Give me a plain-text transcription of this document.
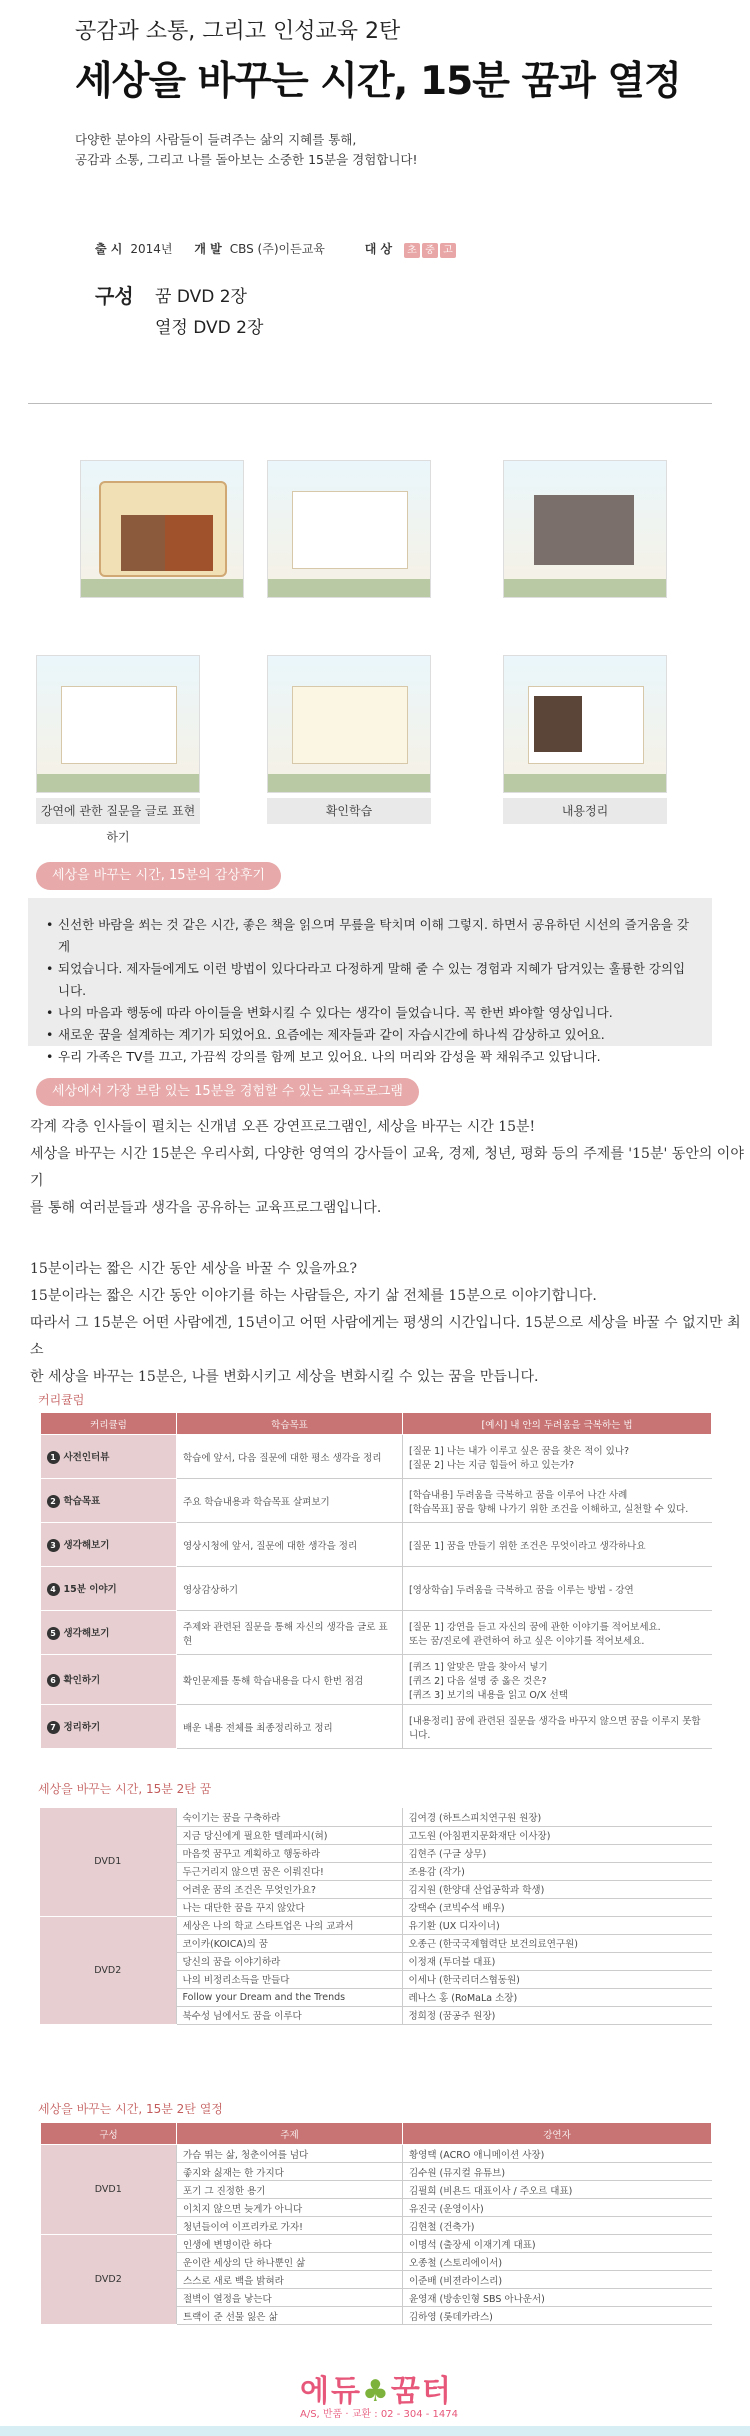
공감과 소통, 그리고 인성교육 2탄
세상을 바꾸는 시간, 15분 꿈과 열정
다양한 분야의 사람들이 들려주는 삶의 지혜를 통해,
공감과 소통, 그리고 나를 돌아보는 소중한 15분을 경험합니다!
출 시 2014년 개 발 CBS (주)이든교육	대 상 초 중 고
구성 꿈 DVD 2장
열정 DVD 2장
강연에 관한 질문을 글로 표현하기
확인학습	내용정리
세상을 바꾸는 시간, 15분의 감상후기
• 신선한 바람을 쐬는 것 같은 시간, 좋은 책을 읽으며 무릎을 탁치며 이해 그렇지. 하면서 공유하던 시선의 즐거움을 갖게
• 되었습니다. 제자들에게도 이런 방법이 있다다라고 다정하게 말해 줄 수 있는 경험과 지혜가 담겨있는 훌륭한 강의입니다.
• 나의 마음과 행동에 따라 아이들을 변화시킬 수 있다는 생각이 들었습니다. 꼭 한번 봐야할 영상입니다.
• 새로운 꿈을 설계하는 계기가 되었어요. 요즘에는 제자들과 같이 자습시간에 하나씩 감상하고 있어요.
• 우리 가족은 TV를 끄고, 가끔씩 강의를 함께 보고 있어요. 나의 머리와 감성을 꽉 채워주고 있답니다.
세상에서 가장 보람 있는 15분을 경험할 수 있는 교육프로그램
각계 각층 인사들이 펼치는 신개념 오픈 강연프로그램인, 세상을 바꾸는 시간 15분!
세상을 바꾸는 시간 15분은 우리사회, 다양한 영역의 강사들이 교육, 경제, 청년, 평화 등의 주제를 '15분' 동안의 이야기
를 통해 여러분들과 생각을 공유하는 교육프로그램입니다.
15분이라는 짧은 시간 동안 세상을 바꿀 수 있을까요?
15분이라는 짧은 시간 동안 이야기를 하는 사람들은, 자기 삶 전체를 15분으로 이야기합니다.
따라서 그 15분은 어떤 사람에겐, 15년이고 어떤 사람에게는 평생의 시간입니다. 15분으로 세상을 바꿀 수 없지만 최소
한 세상을 바꾸는 15분은, 나를 변화시키고 세상을 변화시킬 수 있는 꿈을 만듭니다.
커리큘럼
커리큘럼	학습목표	[예시] 내 안의 두려움을 극복하는 법
1 사전인터뷰	학습에 앞서, 다음 질문에 대한 평소 생각을 정리	[질문 1] 나는 내가 이루고 싶은 꿈을 찾은 적이 있나?
[질문 2] 나는 지금 힘들어 하고 있는가?

2 학습목표	주요 학습내용과 학습목표 살펴보기	[학습내용] 두려움을 극복하고 꿈을 이루어 나간 사례
[학습목표] 꿈을 향해 나가기 위한 조건을 이해하고, 실천할 수 있다.

3 생각해보기	영상시청에 앞서, 질문에 대한 생각을 정리	[질문 1] 꿈을 만들기 위한 조건은 무엇이라고 생각하나요

4 15분 이야기	영상감상하기	[영상학습] 두려움을 극복하고 꿈을 이루는 방법 - 강연

5 생각해보기	주제와 관련된 질문을 통해 자신의 생각을 글로 표현	[질문 1] 강연을 듣고 자신의 꿈에 관한 이야기를 적어보세요.
또는 꿈/진로에 관련하여 하고 싶은 이야기를 적어보세요.

6 확인하기	확인문제를 통해 학습내용을 다시 한번 점검	[퀴즈 1] 알맞은 말을 찾아서 넣기
[퀴즈 2] 다음 설명 중 옳은 것은?
[퀴즈 3] 보기의 내용을 읽고 O/X 선택

7 정리하기	배운 내용 전체를 최종정리하고 정리	[내용정리] 꿈에 관련된 질문을 생각을 바꾸지 않으면 꿈을 이루지 못합니다.
세상을 바꾸는 시간, 15분 2탄 꿈
DVD1	숙이기는 꿈을 구축하라	김여경 (하트스피치연구원 원장)
	지금 당신에게 필요한 텔레파시(혀)	고도원 (아침편지문화재단 이사장)
	마음껏 꿈꾸고 계획하고 행동하라	김현주 (구글 상무)
	두근거리지 않으면 꿈은 이뤄진다!	조용감 (작가)
	어려운 꿈의 조건은 무엇인가요?	김지원 (한양대 산업공학과 학생)
	나는 대단한 꿈을 꾸지 않았다	강택수 (코빅수석 배우)
DVD2	세상은 나의 학교 스타트업은 나의 교과서	유기환 (UX 디자이너)
	코이카(KOICA)의 꿈	오종근 (한국국제협력단 보건의료연구원)
	당신의 꿈을 이야기하라	이정재 (투더블 대표)
	나의 비정리소득을 만들다	이세나 (한국리더스협동원)
	Follow your Dream and the Trends	레나스 홍 (RoMaLa 소장)
	북수성 님에서도 꿈을 이루다	정희정 (꿈공주 원장)
세상을 바꾸는 시간, 15분 2탄 열정
구성	주제	강연자
DVD1	가슴 뛰는 삶, 청춘이여를 넘다	황영택 (ACRO 애니메이션 사장)
	좋지와 싫재는 한 가지다	김수원 (뮤지컬 유튜브)
	포기 그 진정한 용기	김필희 (비욘드 대표이사 / 주오르 대표)
	이치지 않으면 늦게가 아니다	유진국 (운영이사)
	청년들이여 이프리카로 가자!	김현철 (건축가)
DVD2	인생에 변명이란 하다	이명석 (출장세 이재기계 대표)
	운이란 세상의 단 하나뿐인 삶	오종철 (스토리에이서)
	스스로 새로 백을 밝혀라	이준배 (비젼라이스리)
	절벽이 열정을 낳는다	윤영재 (방송인형 SBS 아나운서)
	트랙이 준 선물 잃은 삶	김하영 (롯데카라스)
에듀♣꿈터
A/S, 반품 · 교환 : 02 - 304 - 1474
